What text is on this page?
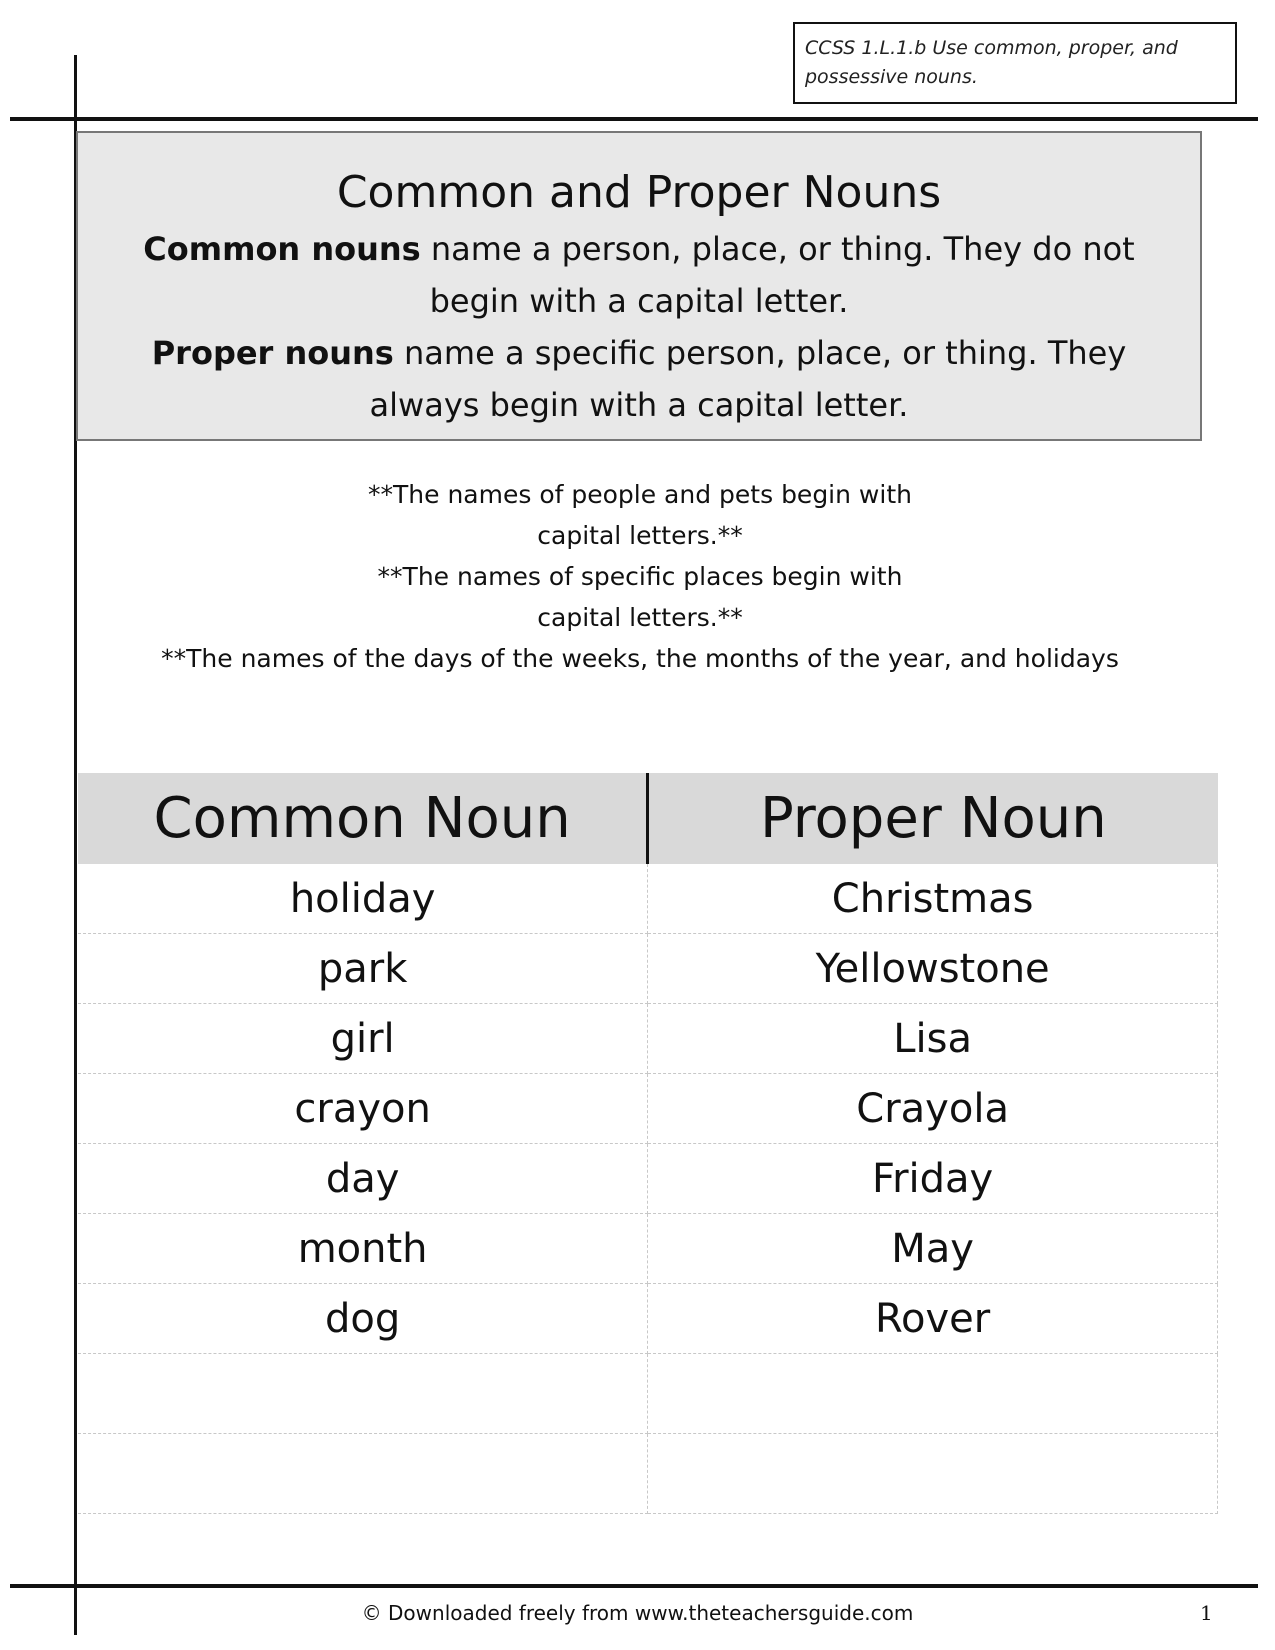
CCSS 1.L.1.b Use common, proper, and possessive nouns.
Common and Proper Nouns
Common nouns name a person, place, or thing. They do not begin with a capital letter.
Proper nouns name a specific person, place, or thing. They always begin with a capital letter.
**The names of people and pets begin with
capital letters.**
**The names of specific places begin with
capital letters.**
**The names of the days of the weeks, the months of the year, and holidays
Common Noun	Proper Noun
holiday	Christmas
park	Yellowstone
girl	Lisa
crayon	Crayola
day	Friday
month	May
dog	Rover

© Downloaded freely from www.theteachersguide.com	1
